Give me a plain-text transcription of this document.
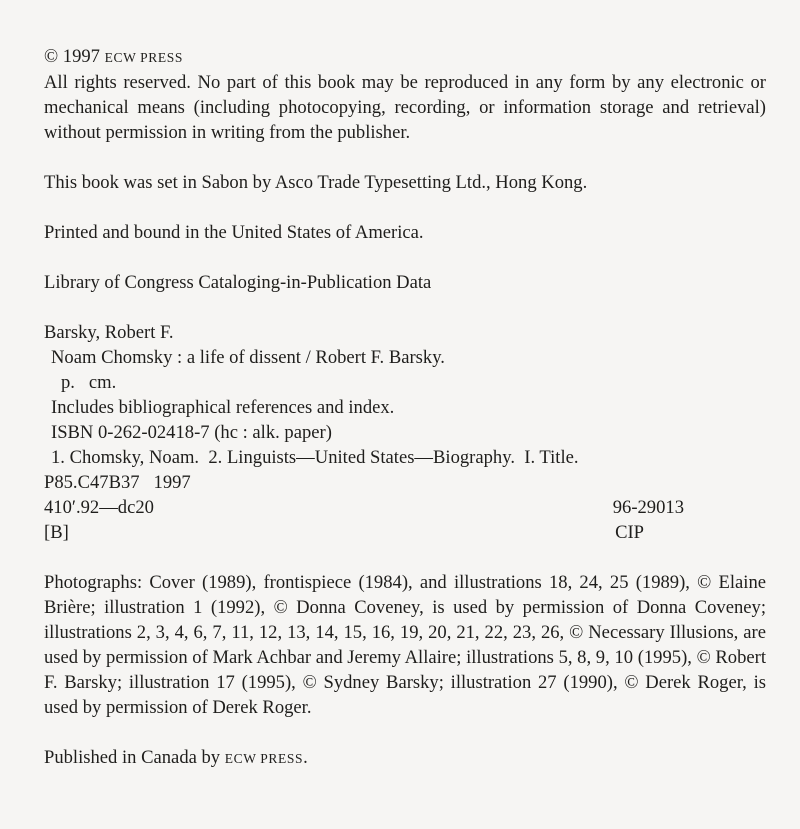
© 1997 ECW PRESS

All rights reserved. No part of this book may be reproduced in any form by any electronic or mechanical means (including photocopying, recording, or information storage and retrieval) without permission in writing from the publisher.

This book was set in Sabon by Asco Trade Typesetting Ltd., Hong Kong.

Printed and bound in the United States of America.

Library of Congress Cataloging-in-Publication Data

Barsky, Robert F.

Noam Chomsky : a life of dissent / Robert F. Barsky.

p.   cm.

Includes bibliographical references and index.

ISBN 0-262-02418-7 (hc : alk. paper)

1. Chomsky, Noam.  2. Linguists—United States—Biography.  I. Title.

P85.C47B37   1997

410′.92—dc20	96-29013
[B]	CIP

Photographs: Cover (1989), frontispiece (1984), and illustrations 18, 24, 25 (1989), © Elaine Brière; illustration 1 (1992), © Donna Coveney, is used by permission of Donna Coveney; illustrations 2, 3, 4, 6, 7, 11, 12, 13, 14, 15, 16, 19, 20, 21, 22, 23, 26, © Necessary Illusions, are used by permission of Mark Achbar and Jeremy Allaire; illustrations 5, 8, 9, 10 (1995), © Robert F. Barsky; illustration 17 (1995), © Sydney Barsky; illustration 27 (1990), © Derek Roger, is used by permission of Derek Roger.

Published in Canada by ECW PRESS.
